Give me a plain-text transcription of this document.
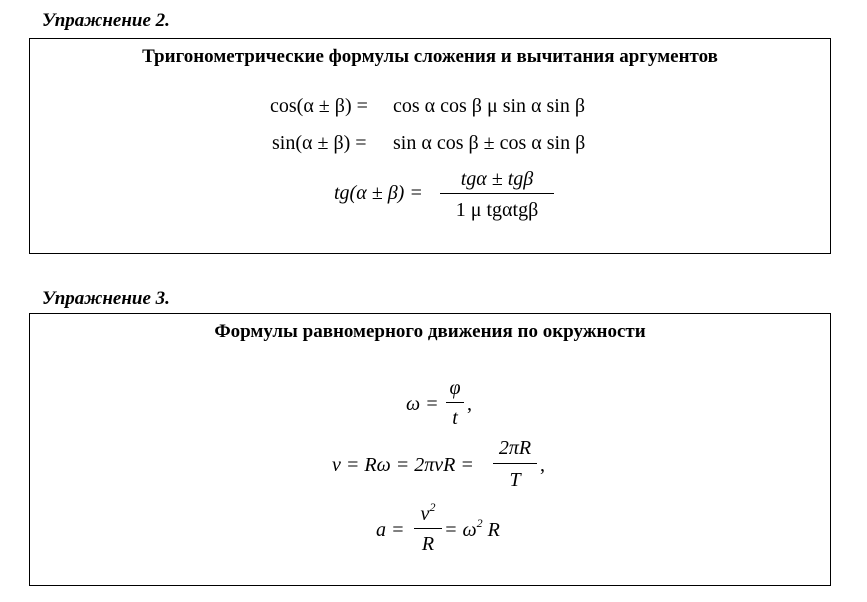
Упражнение 2.
Тригонометрические формулы сложения и вычитания аргументов
cos(α ± β) = cos α cos β μ sin α sin β
sin(α ± β) = sin α cos β ± cos α sin β
tg(α ± β) =
tgα ± tgβ
1 μ tgαtgβ
Упражнение 3.
Формулы равномерного движения по окружности
ω =
φ
t
,
v = Rω = 2πνR =
2πR
T
,
a =
$v^2$
R
= $\omega^2$ R
